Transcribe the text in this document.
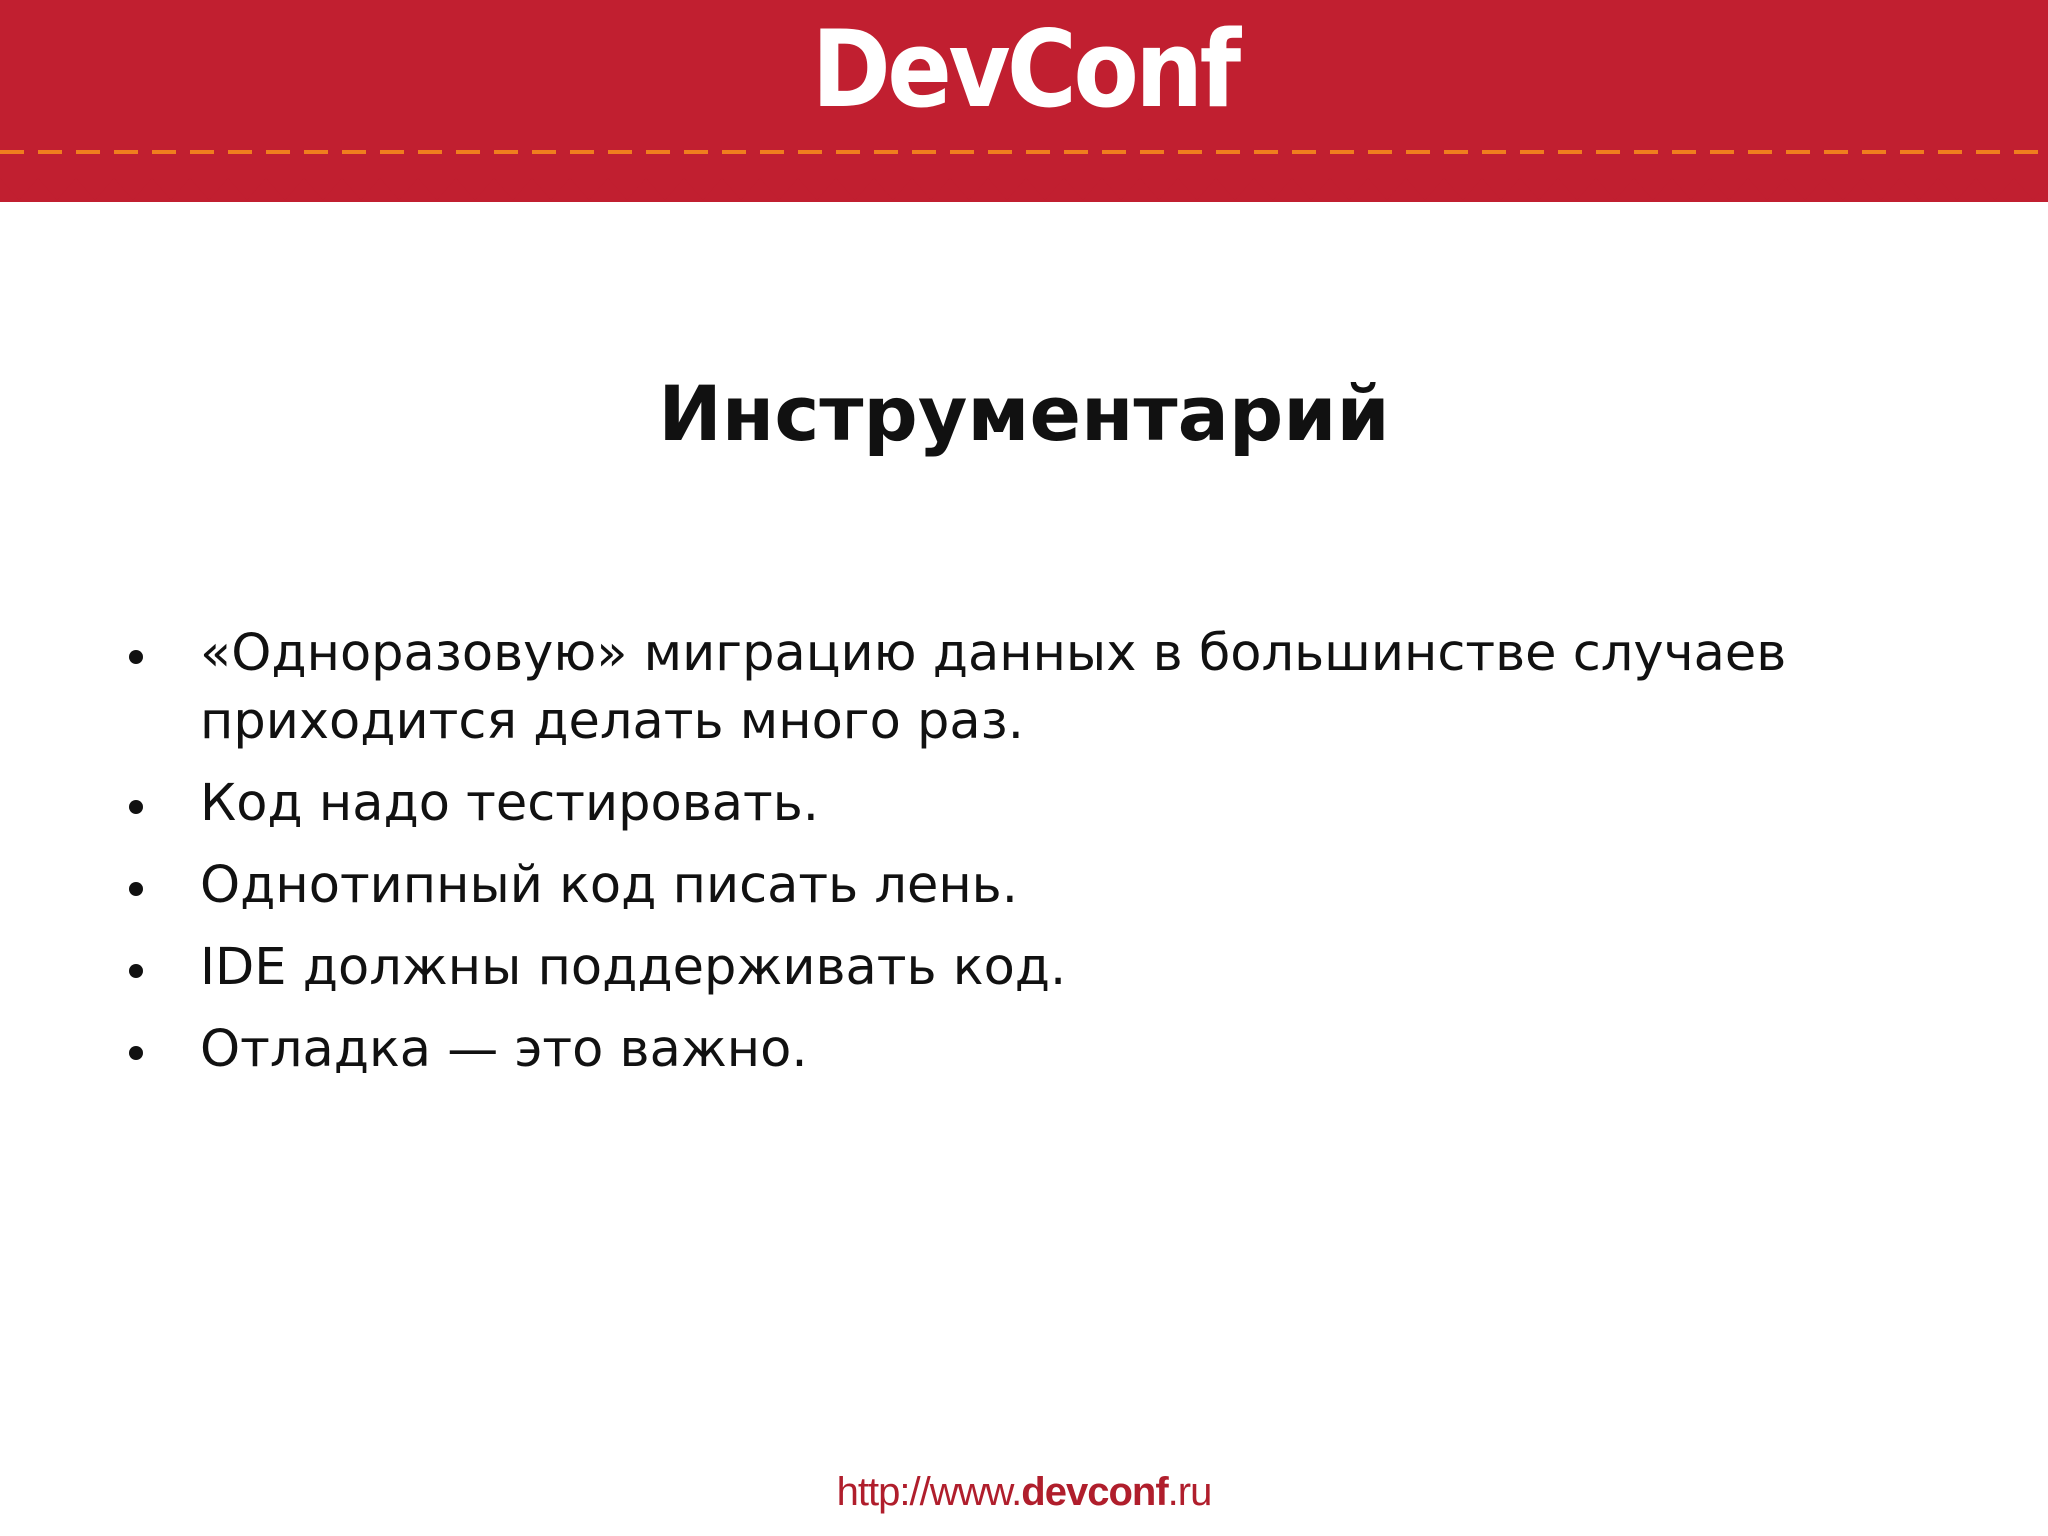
DevConf
Инструментарий
«Одноразовую» миграцию данных в большинстве случаев приходится делать много раз.
Код надо тестировать.
Однотипный код писать лень.
IDE должны поддерживать код.
Отладка — это важно.
http://www.devconf.ru
